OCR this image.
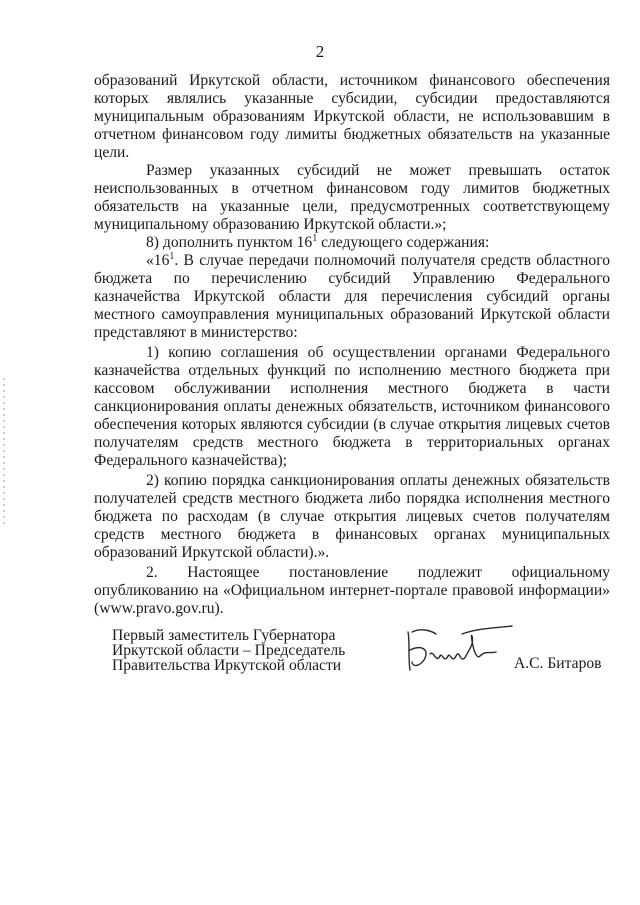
2

образований Иркутской области, источником финансового обеспечения которых являлись указанные субсидии, субсидии предоставляются муниципальным образованиям Иркутской области, не использовавшим в отчетном финансовом году лимиты бюджетных обязательств на указанные цели.

Размер указанных субсидий не может превышать остаток неиспользованных в отчетном финансовом году лимитов бюджетных обязательств на указанные цели, предусмотренных соответствующему муниципальному образованию Иркутской области.»;

8) дополнить пунктом $16^1$ следующего содержания:

«$16^1$. В случае передачи полномочий получателя средств областного бюджета по перечислению субсидий Управлению Федерального казначейства Иркутской области для перечисления субсидий органы местного самоуправления муниципальных образований Иркутской области представляют в министерство:

1) копию соглашения об осуществлении органами Федерального казначейства отдельных функций по исполнению местного бюджета при кассовом обслуживании исполнения местного бюджета в части санкционирования оплаты денежных обязательств, источником финансового обеспечения которых являются субсидии (в случае открытия лицевых счетов получателям средств местного бюджета в территориальных органах Федерального казначейства);

2) копию порядка санкционирования оплаты денежных обязательств получателей средств местного бюджета либо порядка исполнения местного бюджета по расходам (в случае открытия лицевых счетов получателям средств местного бюджета в финансовых органах муниципальных образований Иркутской области).».

2. Настоящее постановление подлежит официальному опубликованию на «Официальном интернет-портале правовой информации» (www.pravo.gov.ru).

Первый заместитель Губернатора
Иркутской области – Председатель
Правительства Иркутской области	А.С. Битаров
